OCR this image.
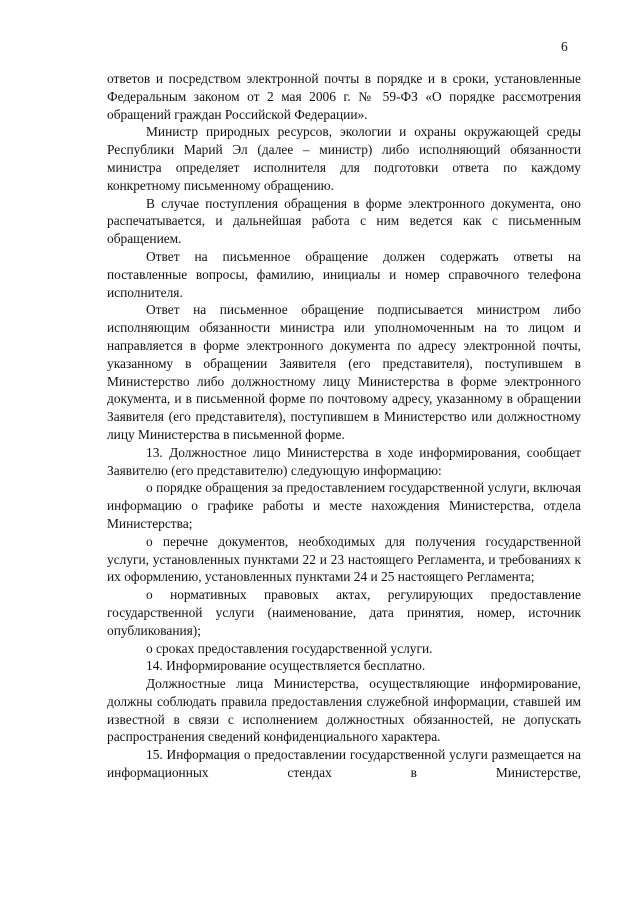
6

ответов и посредством электронной почты в порядке и в сроки, установленные Федеральным законом от 2 мая 2006 г. № 59-ФЗ «О порядке рассмотрения обращений граждан Российской Федерации».

Министр природных ресурсов, экологии и охраны окружающей среды Республики Марий Эл (далее – министр) либо исполняющий обязанности министра определяет исполнителя для подготовки ответа по каждому конкретному письменному обращению.

В случае поступления обращения в форме электронного документа, оно распечатывается, и дальнейшая работа с ним ведется как с письменным обращением.

Ответ на письменное обращение должен содержать ответы на поставленные вопросы, фамилию, инициалы и номер справочного телефона исполнителя.

Ответ на письменное обращение подписывается министром либо исполняющим обязанности министра или уполномоченным на то лицом и направляется в форме электронного документа по адресу электронной почты, указанному в обращении Заявителя (его представителя), поступившем в Министерство либо должностному лицу Министерства в форме электронного документа, и в письменной форме по почтовому адресу, указанному в обращении Заявителя (его представителя), поступившем в Министерство или должностному лицу Министерства в письменной форме.

13. Должностное лицо Министерства в ходе информирования, сообщает Заявителю (его представителю) следующую информацию:

о порядке обращения за предоставлением государственной услуги, включая информацию о графике работы и месте нахождения Министерства, отдела Министерства;

о перечне документов, необходимых для получения государственной услуги, установленных пунктами 22 и 23 настоящего Регламента, и требованиях к их оформлению, установленных пунктами 24 и 25 настоящего Регламента;

о нормативных правовых актах, регулирующих предоставление государственной услуги (наименование, дата принятия, номер, источник опубликования);

о сроках предоставления государственной услуги.

14. Информирование осуществляется бесплатно.

Должностные лица Министерства, осуществляющие информирование, должны соблюдать правила предоставления служебной информации, ставшей им известной в связи с исполнением должностных обязанностей, не допускать распространения сведений конфиденциального характера.

15. Информация о предоставлении государственной услуги размещается на информационных стендах в Министерстве,
